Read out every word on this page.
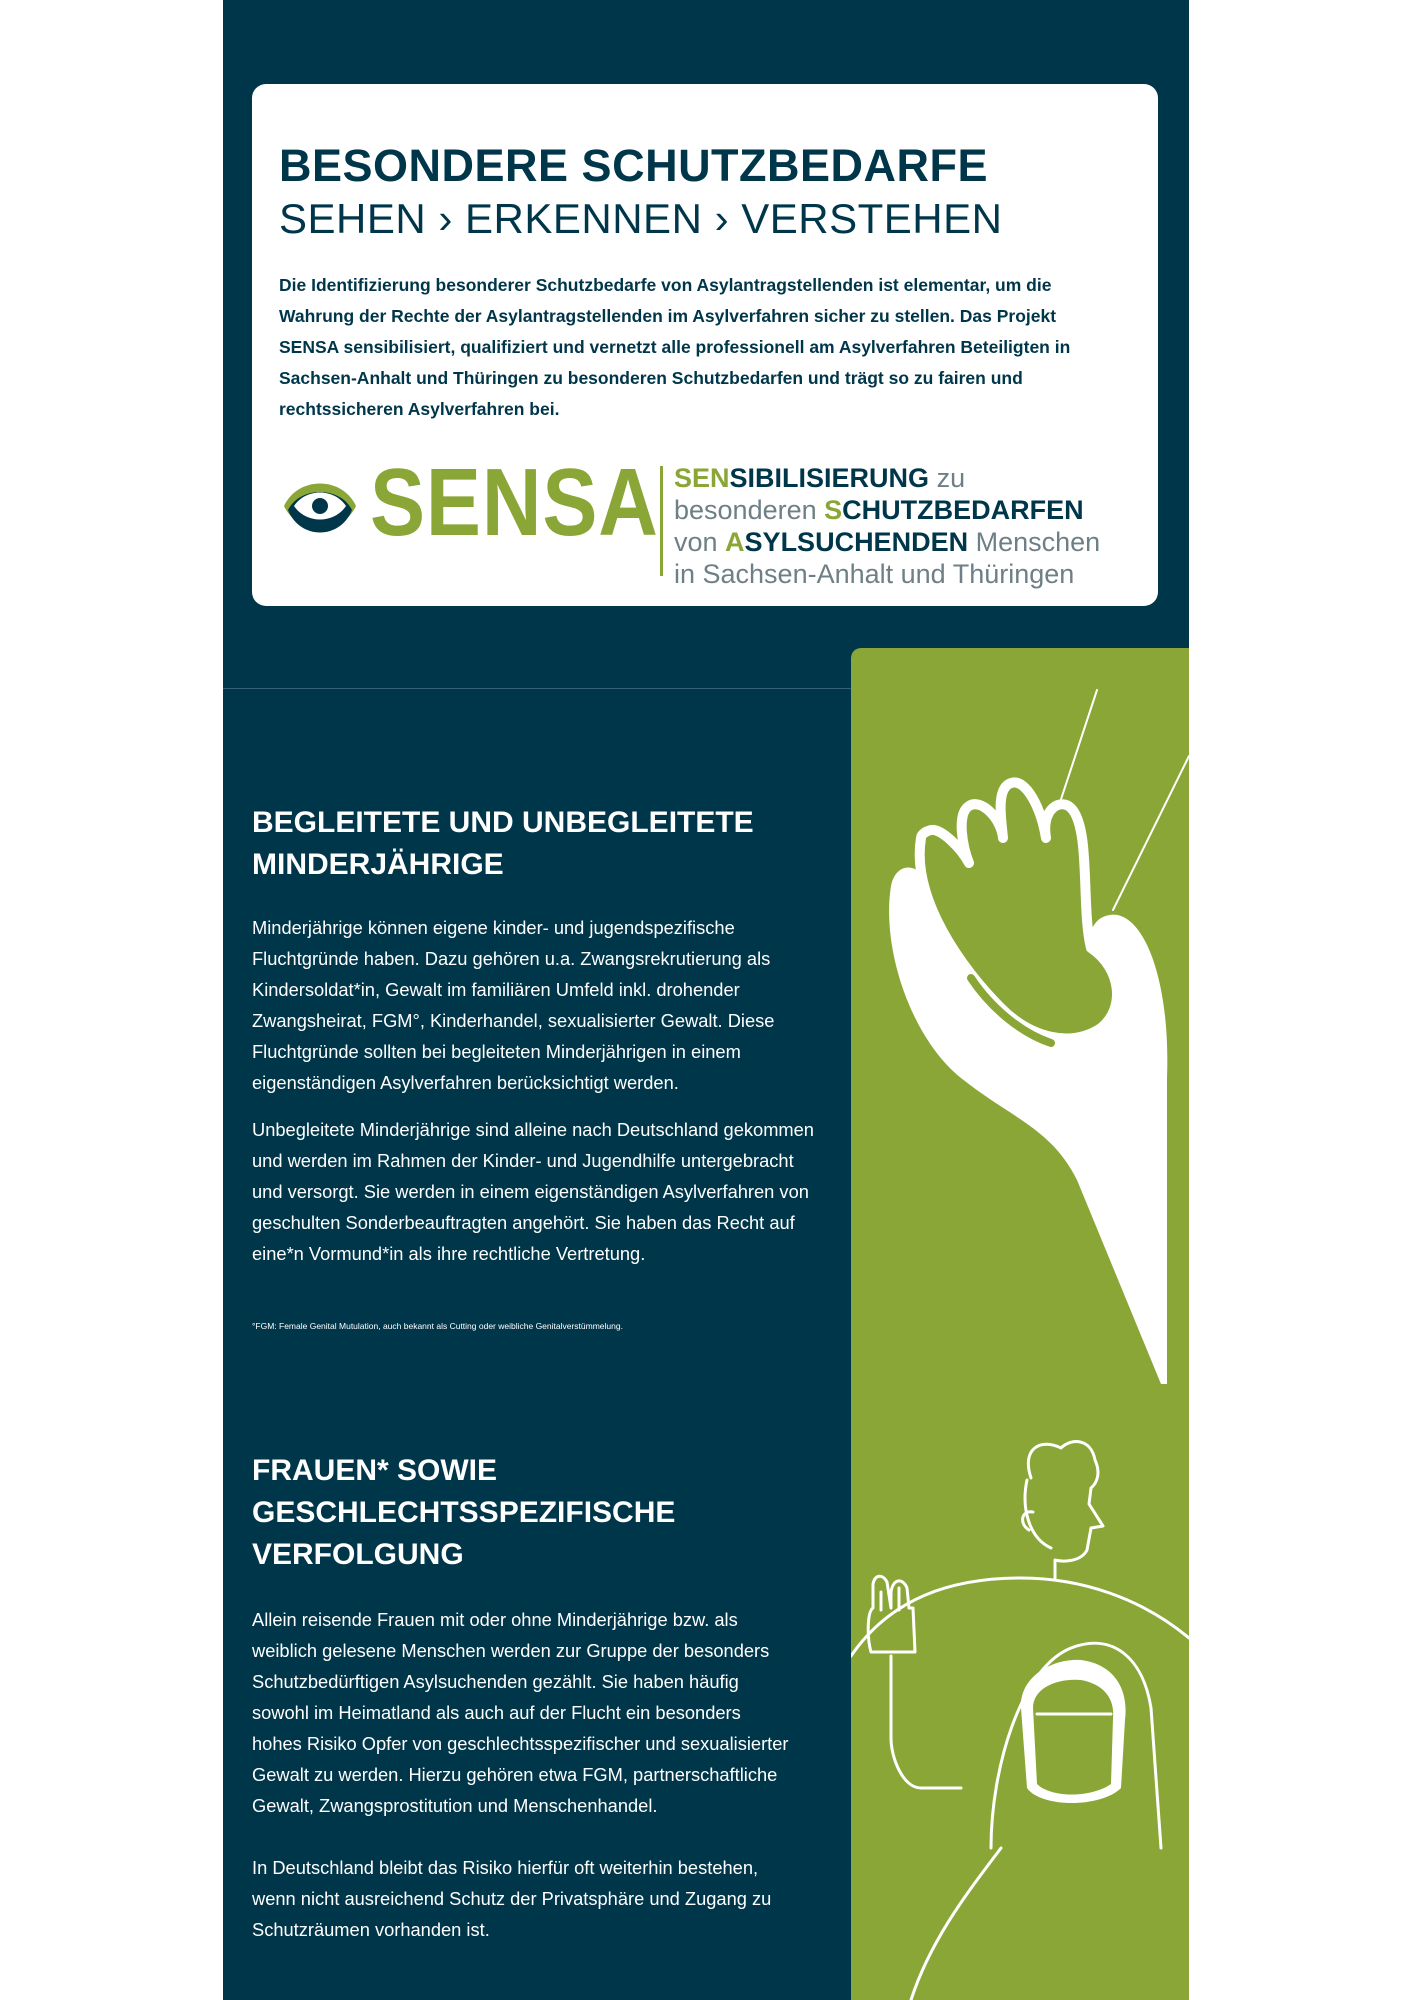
BESONDERE SCHUTZBEDARFE

SEHEN › ERKENNEN › VERSTEHEN

Die Identifizierung besonderer Schutzbedarfe von Asylantragstellenden ist elementar, um die Wahrung der Rechte der Asylantragstellenden im Asylverfahren sicher zu stellen. Das Projekt SENSA sensibilisiert, qualifiziert und vernetzt alle professionell am Asylverfahren Beteiligten in Sachsen-Anhalt und Thüringen zu besonderen Schutzbedarfen und trägt so zu fairen und rechtssicheren Asylverfahren bei.

SENSA SENSIBILISIERUNG zu
besonderen SCHUTZBEDARFEN
von ASYLSUCHENDEN Menschen
in Sachsen-Anhalt und Thüringen
BEGLEITETE UND UNBEGLEITETE MINDERJÄHRIGE

Minderjährige können eigene kinder- und jugendspezifische Fluchtgründe haben. Dazu gehören u.a. Zwangsrekrutierung als Kindersoldat*in, Gewalt im familiären Umfeld inkl. drohender Zwangsheirat, FGM°, Kinderhandel, sexualisierter Gewalt. Diese Fluchtgründe sollten bei begleiteten Minderjährigen in einem eigenständigen Asylverfahren berücksichtigt werden.

Unbegleitete Minderjährige sind alleine nach Deutschland gekommen und werden im Rahmen der Kinder- und Jugendhilfe untergebracht und versorgt. Sie werden in einem eigenständigen Asylverfahren von geschulten Sonderbeauftragten angehört. Sie haben das Recht auf eine*n Vormund*in als ihre rechtliche Vertretung.

°FGM: Female Genital Mutulation, auch bekannt als Cutting oder weibliche Genitalverstümmelung.

FRAUEN* SOWIE GESCHLECHTSSPEZIFISCHE VERFOLGUNG

Allein reisende Frauen mit oder ohne Minderjährige bzw. als weiblich gelesene Menschen werden zur Gruppe der besonders Schutzbedürftigen Asylsuchenden gezählt. Sie haben häufig sowohl im Heimatland als auch auf der Flucht ein besonders hohes Risiko Opfer von geschlechtsspezifischer und sexualisierter Gewalt zu werden. Hierzu gehören etwa FGM, partnerschaftliche Gewalt, Zwangsprostitution und Menschenhandel.

In Deutschland bleibt das Risiko hierfür oft weiterhin bestehen, wenn nicht ausreichend Schutz der Privatsphäre und Zugang zu Schutzräumen vorhanden ist.
